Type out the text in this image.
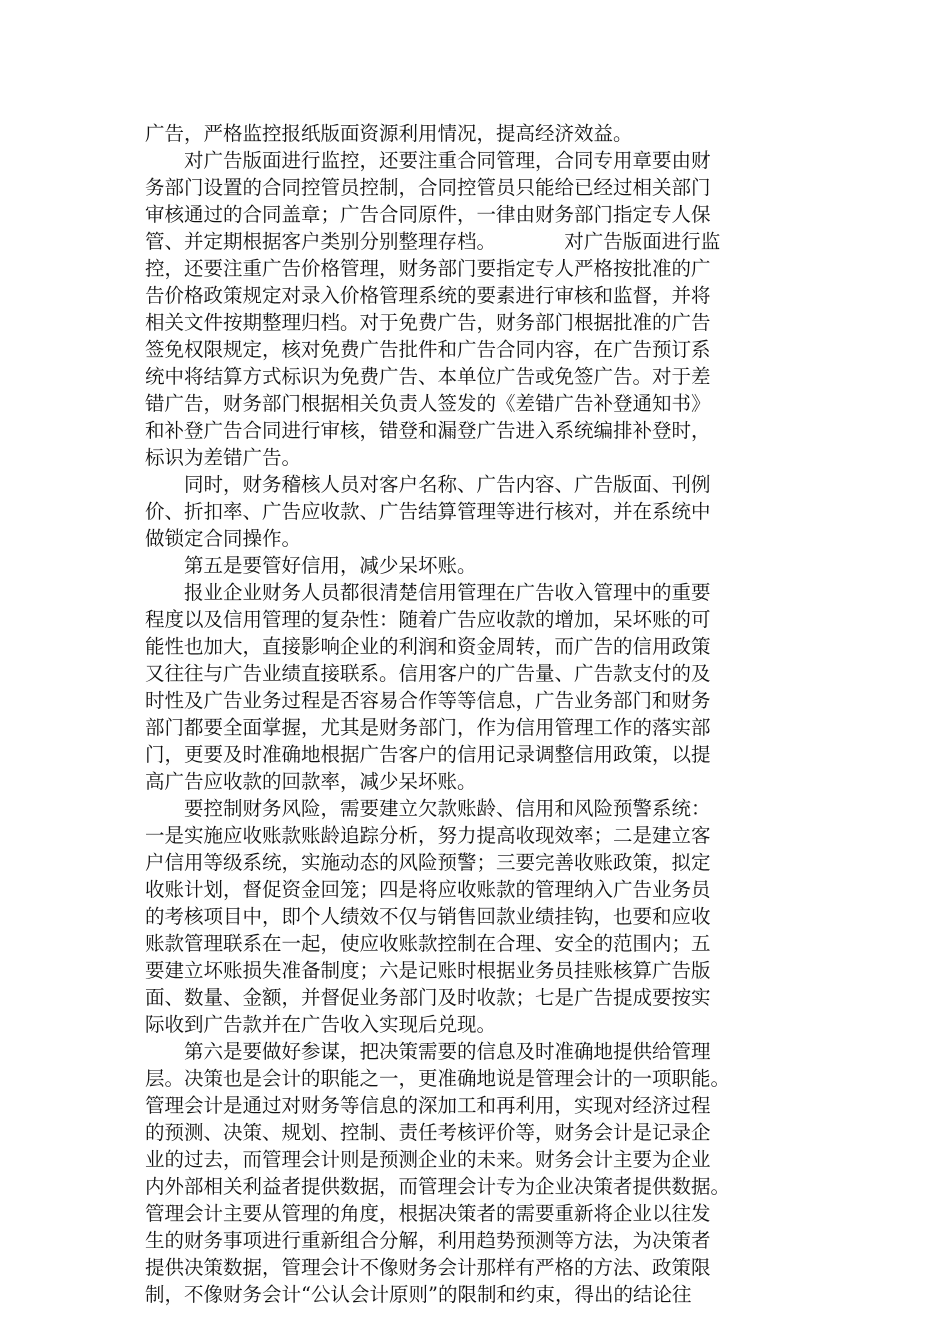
广告，严格监控报纸版面资源利用情况，提高经济效益。
　　对广告版面进行监控，还要注重合同管理，合同专用章要由财
务部门设置的合同控管员控制，合同控管员只能给已经过相关部门
审核通过的合同盖章；广告合同原件，一律由财务部门指定专人保
管、并定期根据客户类别分别整理存档。　　　　对广告版面进行监
控，还要注重广告价格管理，财务部门要指定专人严格按批准的广
告价格政策规定对录入价格管理系统的要素进行审核和监督，并将
相关文件按期整理归档。对于免费广告，财务部门根据批准的广告
签免权限规定，核对免费广告批件和广告合同内容，在广告预订系
统中将结算方式标识为免费广告、本单位广告或免签广告。对于差
错广告，财务部门根据相关负责人签发的《差错广告补登通知书》
和补登广告合同进行审核，错登和漏登广告进入系统编排补登时，
标识为差错广告。
　　同时，财务稽核人员对客户名称、广告内容、广告版面、刊例
价、折扣率、广告应收款、广告结算管理等进行核对，并在系统中
做锁定合同操作。
　　第五是要管好信用，减少呆坏账。
　　报业企业财务人员都很清楚信用管理在广告收入管理中的重要
程度以及信用管理的复杂性：随着广告应收款的增加，呆坏账的可
能性也加大，直接影响企业的利润和资金周转，而广告的信用政策
又往往与广告业绩直接联系。信用客户的广告量、广告款支付的及
时性及广告业务过程是否容易合作等等信息，广告业务部门和财务
部门都要全面掌握，尤其是财务部门，作为信用管理工作的落实部
门，更要及时准确地根据广告客户的信用记录调整信用政策，以提
高广告应收款的回款率，减少呆坏账。
　　要控制财务风险，需要建立欠款账龄、信用和风险预警系统：
一是实施应收账款账龄追踪分析，努力提高收现效率；二是建立客
户信用等级系统，实施动态的风险预警；三要完善收账政策，拟定
收账计划，督促资金回笼；四是将应收账款的管理纳入广告业务员
的考核项目中，即个人绩效不仅与销售回款业绩挂钩，也要和应收
账款管理联系在一起，使应收账款控制在合理、安全的范围内；五
要建立坏账损失准备制度；六是记账时根据业务员挂账核算广告版
面、数量、金额，并督促业务部门及时收款；七是广告提成要按实
际收到广告款并在广告收入实现后兑现。
　　第六是要做好参谋，把决策需要的信息及时准确地提供给管理
层。决策也是会计的职能之一，更准确地说是管理会计的一项职能。
管理会计是通过对财务等信息的深加工和再利用，实现对经济过程
的预测、决策、规划、控制、责任考核评价等，财务会计是记录企
业的过去，而管理会计则是预测企业的未来。财务会计主要为企业
内外部相关利益者提供数据，而管理会计专为企业决策者提供数据。
管理会计主要从管理的角度，根据决策者的需要重新将企业以往发
生的财务事项进行重新组合分解，利用趋势预测等方法，为决策者
提供决策数据，管理会计不像财务会计那样有严格的方法、政策限
制，不像财务会计“公认会计原则”的限制和约束，得出的结论往
